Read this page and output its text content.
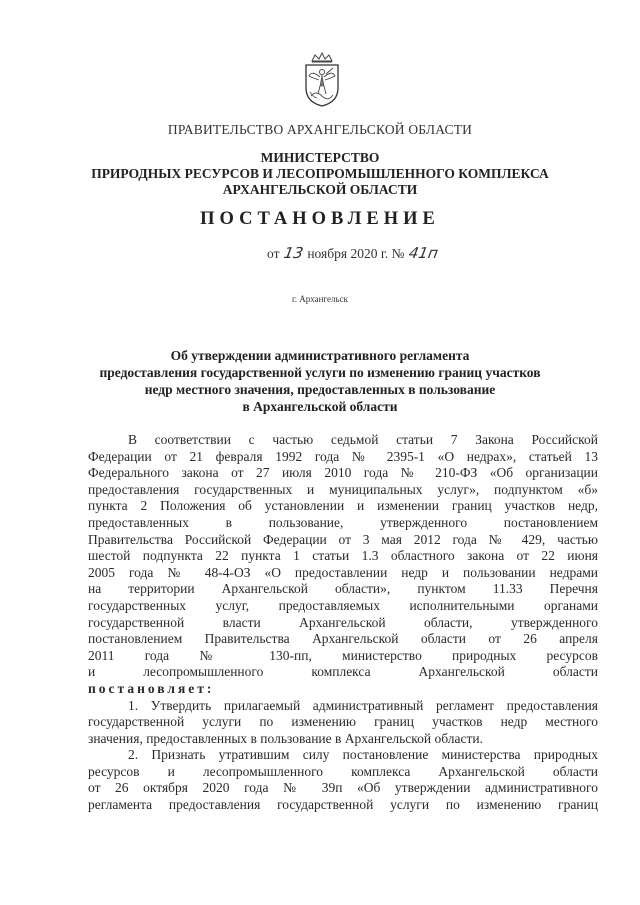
ПРАВИТЕЛЬСТВО АРХАНГЕЛЬСКОЙ ОБЛАСТИ
МИНИСТЕРСТВО
ПРИРОДНЫХ РЕСУРСОВ И ЛЕСОПРОМЫШЛЕННОГО КОМПЛЕКСА
АРХАНГЕЛЬСКОЙ ОБЛАСТИ
ПОСТАНОВЛЕНИЕ
от 13 ноября 2020 г. № 41п
г. Архангельск
Об утверждении административного регламента
предоставления государственной услуги по изменению границ участков
недр местного значения, предоставленных в пользование
в Архангельской области
В соответствии с частью седьмой статьи 7 Закона Российской
Федерации от 21 февраля 1992 года № 2395-1 «О недрах», статьей 13
Федерального закона от 27 июля 2010 года № 210-ФЗ «Об организации
предоставления государственных и муниципальных услуг», подпунктом «б»
пункта 2 Положения об установлении и изменении границ участков недр,
предоставленных в пользование, утвержденного постановлением
Правительства Российской Федерации от 3 мая 2012 года № 429, частью
шестой подпункта 22 пункта 1 статьи 1.3 областного закона от 22 июня
2005 года № 48-4-ОЗ «О предоставлении недр и пользовании недрами
на территории Архангельской области», пунктом 11.33 Перечня
государственных услуг, предоставляемых исполнительными органами
государственной власти Архангельской области, утвержденного
постановлением Правительства Архангельской области от 26 апреля
2011 года № 130-пп, министерство природных ресурсов
и лесопромышленного комплекса Архангельской области
постановляет:
1. Утвердить прилагаемый административный регламент предоставления
государственной услуги по изменению границ участков недр местного
значения, предоставленных в пользование в Архангельской области.
2. Признать утратившим силу постановление министерства природных
ресурсов и лесопромышленного комплекса Архангельской области
от 26 октября 2020 года № 39п «Об утверждении административного
регламента предоставления государственной услуги по изменению границ
